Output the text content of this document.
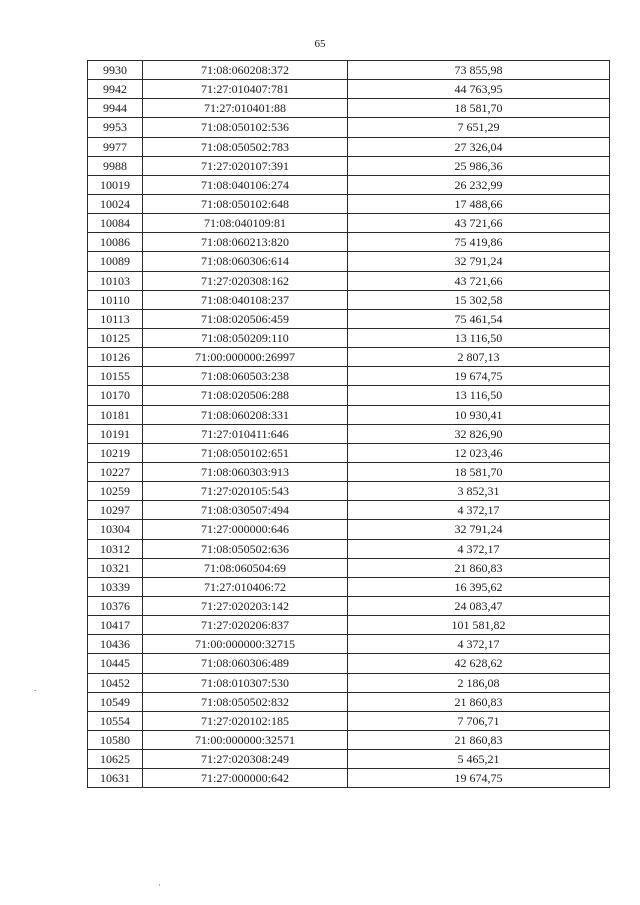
65
9930	71:08:060208:372	73 855,98
9942	71:27:010407:781	44 763,95
9944	71:27:010401:88	18 581,70
9953	71:08:050102:536	7 651,29
9977	71:08:050502:783	27 326,04
9988	71:27:020107:391	25 986,36
10019	71:08:040106:274	26 232,99
10024	71:08:050102:648	17 488,66
10084	71:08:040109:81	43 721,66
10086	71:08:060213:820	75 419,86
10089	71:08:060306:614	32 791,24
10103	71:27:020308:162	43 721,66
10110	71:08:040108:237	15 302,58
10113	71:08:020506:459	75 461,54
10125	71:08:050209:110	13 116,50
10126	71:00:000000:26997	2 807,13
10155	71:08:060503:238	19 674,75
10170	71:08:020506:288	13 116,50
10181	71:08:060208:331	10 930,41
10191	71:27:010411:646	32 826,90
10219	71:08:050102:651	12 023,46
10227	71:08:060303:913	18 581,70
10259	71:27:020105:543	3 852,31
10297	71:08:030507:494	4 372,17
10304	71:27:000000:646	32 791,24
10312	71:08:050502:636	4 372,17
10321	71:08:060504:69	21 860,83
10339	71:27:010406:72	16 395,62
10376	71:27:020203:142	24 083,47
10417	71:27:020206:837	101 581,82
10436	71:00:000000:32715	4 372,17
10445	71:08:060306:489	42 628,62
10452	71:08:010307:530	2 186,08
10549	71:08:050502:832	21 860,83
10554	71:27:020102:185	7 706,71
10580	71:00:000000:32571	21 860,83
10625	71:27:020308:249	5 465,21
10631	71:27:000000:642	19 674,75
.
·
